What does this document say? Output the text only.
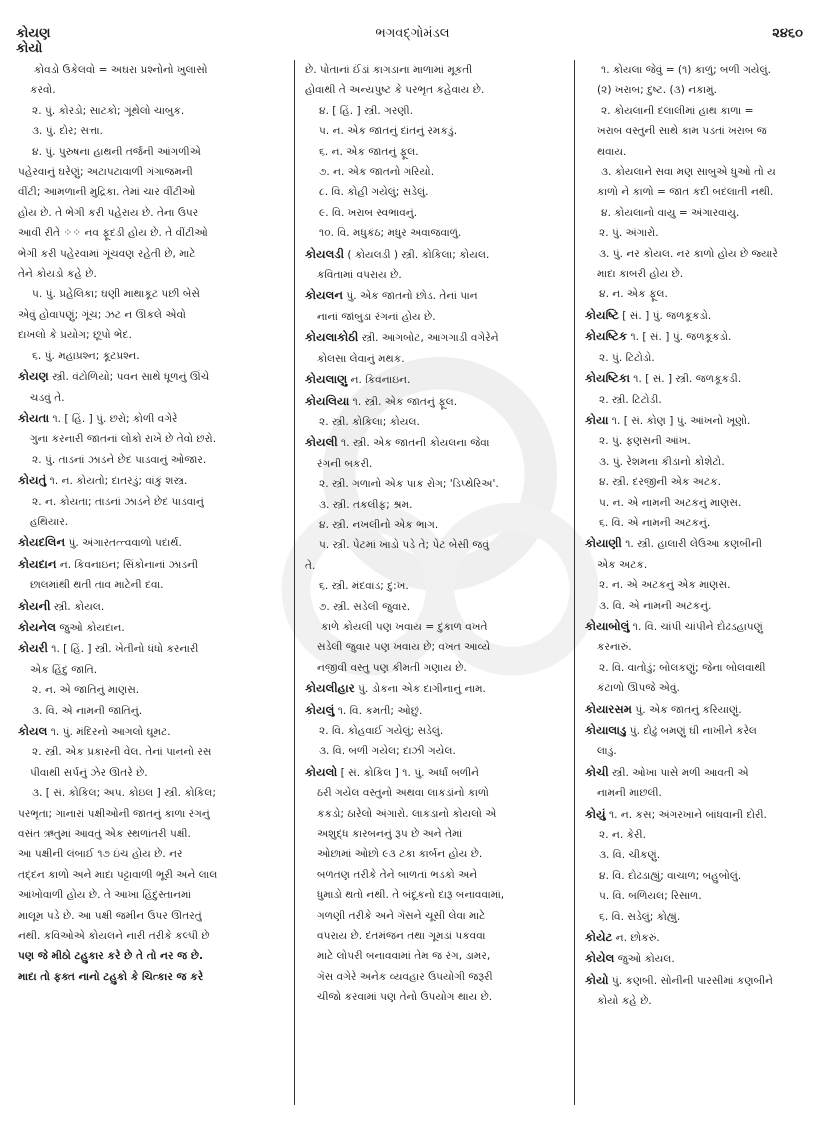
કોયણ
કોયો
ભગવદ્ગોમંડલ	૨૪૬૦
કોવડો ઉકેલવો = અઘરા પ્રશ્નોનો ખુલાસો
કરવો.
૨. પું. કોરડો; સાટકો; ગૂંથેલો ચાબુક.
૩. પું. દોર; સત્તા.
૪. પું. પુરુષના હાથની તર્જની આંગળીએ
પહેરવાનું ઘરેણું; અટાપટાવાળી ગંગાજમની
વીંટી; આમળાની મુદ્રિકા. તેમાં ચાર વીંટીઓ
હોય છે. તે ભેગી કરી પહેરાય છે. તેના ઉપર
આવી રીતે ⁘⁘ નવ ફૂદડી હોય છે. તે વીંટીઓ
ભેગી કરી પહેરવામાં ગૂંચવણ રહેતી છે, માટે
તેને કોયડો કહે છે.
પ. પું. પ્રહેલિકા; ઘણી માથાકૂટ પછી બેસે
એવું હોવાપણું; ગૂંચ; ઝટ ન ઊકલે એવો
દાખલો કે પ્રયોગ; છૂપો ભેદ.
૬. પું. મહાપ્રશ્ન; કૂટપ્રશ્ન.
કોયણ સ્ત્રી. વંટોળિયો; પવન સાથે ધૂળનું ઊંચે
ચડવું તે.
કોયતા ૧. [ હિં. ] પું. છરો; કોળી વગેરે
ગુના કરનારી જાતનાં લોકો રાખે છે તેવો છરો.
૨. પું. તાડનાં ઝાડને છેદ પાડવાનું ઓજાર.
કોયતું ૧. ન. કોયતો; દાતરડું; વાંકું શસ્ત્ર.
૨. ન. કોયતા; તાડનાં ઝાડને છેદ પાડવાનું
હથિયાર.
કોયદલિન પું. અંગારતત્ત્વવાળો પદાર્થ.
કોયદાન ન. કિવનાઇન; સિંકોનાનાં ઝાડની
છાલમાંથી થતી તાવ માટેની દવા.
કોયની સ્ત્રી. કોયલ.
કોયનેલ જુઓ કોયદાન.
કોયરી ૧. [ હિં. ] સ્ત્રી. ખેતીનો ધંધો કરનારી
એક હિંદુ જાતિ.
૨. ન. એ જાતિનું માણસ.
૩. વિ. એ નામની જાતિનું.
કોયલ ૧. પું. મંદિરનો આગલો ઘૂમટ.
૨. સ્ત્રી. એક પ્રકારની વેલ. તેનાં પાનનો રસ
પીવાથી સર્પનું ઝેર ઊતરે છે.
૩. [ સં. કોકિલ; અપ. કોઇલ ] સ્ત્રી. કોકિલ;
પરભૃતા; ગાનારાં પક્ષીઓની જાતનું કાળા રંગનું
વસંત ઋતુમાં આવતું એક સ્થળાંતરી પક્ષી.
આ પક્ષીની લંબાઈ ૧૭ ઇંચ હોય છે. નર
તદ્દન કાળો અને માદા પટ્ટાવાળી ભૂરી અને લાલ
આંખોવાળી હોય છે. તે આખા હિંદુસ્તાનમાં
માલૂમ પડે છે. આ પક્ષી જમીન ઉપર ઊતરતું
નથી. કવિઓએ કોયલને નારી તરીકે કલ્પી છે
પણ જે મીઠો ટહુકાર કરે છે તે તો નર જ છે.
માદા તો ફક્ત નાનો ટહુકો કે ચિત્કાર જ કરે
છે. પોતાનાં ઈંડાં કાગડાના માળામાં મૂકતી
હોવાથી તે અન્યપુષ્ટ કે પરભૃત કહેવાય છે.
૪. [ હિં. ] સ્ત્રી. ગરણી.
પ. ન. એક જાતનું દાંતનું રમકડું.
૬. ન. એક જાતનું ફૂલ.
૭. ન. એક જાતનો ગરિયો.
૮. વિ. કોહી ગયેલું; સડેલું.
૯. વિ. ખરાબ સ્વભાવનું.
૧૦. વિ. મધુકંઠ; મધુર અવાજવાળું.
કોયલડી ( કોયલડી ) સ્ત્રી. કોકિલા; કોયલ.
કવિતામાં વપરાય છે.
કોયલન પું. એક જાતનો છોડ. તેનાં પાન
નાનાં જાંબુડા રંગનાં હોય છે.
કોયલાકોઠી સ્ત્રી. આગબોટ, આગગાડી વગેરેને
કોલસા લેવાનું મથક.
કોયલાણુ ન. કિવનાઇન.
કોયલિયા ૧. સ્ત્રી. એક જાતનું ફૂલ.
૨. સ્ત્રી. કોકિલા; કોયલ.
કોયલી ૧. સ્ત્રી. એક જાતની કોયલના જેવા
રંગની બકરી.
૨. સ્ત્રી. ગળાનો એક પાક રોગ; 'ડિપ્થેરિઅ'.
૩. સ્ત્રી. તકલીફ; શ્રમ.
૪. સ્ત્રી. નખલીનો એક ભાગ.
પ. સ્ત્રી. પેટમાં ખાડો પડે તે; પેટ બેસી જવું
તે.
૬. સ્ત્રી. મંદવાડ; દુ:ખ.
૭. સ્ત્રી. સડેલી જુવાર.
કાળે કોયલી પણ ખવાય = દુકાળ વખતે
સડેલી જુવાર પણ ખવાય છે; વખત આવ્યે
નજીવી વસ્તુ પણ કીમતી ગણાય છે.
કોયલીહાર પું. ડોકના એક દાગીનાનું નામ.
કોયલું ૧. વિ. કમતી; ઓછું.
૨. વિ. કોહવાઈ ગયેલું; સડેલું.
૩. વિ. બળી ગયેલ; દાઝી ગયેલ.
કોયલો [ સં. કોકિલ ] ૧. પું. અર્ધાં બળીને
ઠરી ગયેલ વસ્તુનો અથવા લાકડાંનો કાળો
કકડો; ઠારેલો અંગારો. લાકડાનો કોયલો એ
અશુદ્ધ કારબનનું રૂપ છે અને તેમાં
ઓછામાં ઓછો ૯૩ ટકા કાર્બન હોય છે.
બળતણ તરીકે તેને બાળતાં ભડકો અને
ધુમાડો થતો નથી. તે બંદૂકનો દારૂ બનાવવામાં,
ગળણી તરીકે અને ગૅસને ચૂસી લેવા માટે
વપરાય છે. દંતમંજન તથા ગૂમડાં પકવવા
માટે લોપરી બનાવવામાં તેમ જ રંગ, ડામર,
ગૅસ વગેરે અનેક વ્યવહાર ઉપયોગી જરૂરી
ચીજો કરવામાં પણ તેનો ઉપયોગ થાય છે.
૧. કોયલા જેવું = (૧) કાળું; બળી ગયેલું.
(૨) ખરાબ; દુષ્ટ. (૩) નકામું.
૨. કોયલાની દલાલીમાં હાથ કાળા =
ખરાબ વસ્તુની સાથે કામ પડતાં ખરાબ જ
થવાય.
૩. કોયલાને સવા મણ સાબુએ ધુઓ તો ય
કાળો ને કાળો = જાત કદી બદલાતી નથી.
૪. કોયલાનો વાયુ = અંગારવાયુ.
૨. પું. અંગારો.
૩. પું. નર કોયલ. નર કાળો હોય છે જ્યારે
માદા કાબરી હોય છે.
૪. ન. એક ફૂલ.
કોયષ્ટિ [ સં. ] પું. જળકૂકડો.
કોયષ્ટિક ૧. [ સં. ] પું. જળકૂકડો.
૨. પું. ટિટોડો.
કોયષ્ટિકા ૧. [ સં. ] સ્ત્રી. જળકૂકડી.
૨. સ્ત્રી. ટિટોડી.
કોયા ૧. [ સં. કોણ ] પું. આંખનો ખૂણો.
૨. પું. ફણસની આંખ.
૩. પું. રેશમના કીડાનો કોશેટો.
૪. સ્ત્રી. દરજીની એક અટક.
પ. ન. એ નામની અટકનું માણસ.
૬. વિ. એ નામની અટકનું.
કોયાણી ૧. સ્ત્રી. હાલારી લેઉઆ કણબીની
એક અટક.
૨. ન. એ અટકનું એક માણસ.
૩. વિ. એ નામની અટકનું.
કોયાબોલું ૧. વિ. ચાંપી ચાંપીને દોઢડહાપણું
કરનારું.
૨. વિ. વાતોડું; બોલકણું; જેના બોલવાથી
કંટાળો ઊપજે એવું.
કોયારસમ પું. એક જાતનું કરિયાણું.
કોયાલાડુ પું. દોઢું બમણું ઘી નાખીને કરેલ
લાડુ.
કોચી સ્ત્રી. ઓખા પાસે મળી આવતી એ
નામની માછલી.
કોયું ૧. ન. કસ; અંગરખાને બાંધવાની દોરી.
૨. ન. કેરી.
૩. વિ. ચીકણું.
૪. વિ. દોઢડાહ્યું; વાચાળ; બહુબોલું.
પ. વિ. બળિયલ; રિસાળ.
૬. વિ. સડેલું; કોહ્યું.
કોયેટ ન. છોકરું.
કોયેલ જુઓ કોયલ.
કોયો પું. કણબી. સોનીની પારસીમાં કણબીને
કોયો કહે છે.
